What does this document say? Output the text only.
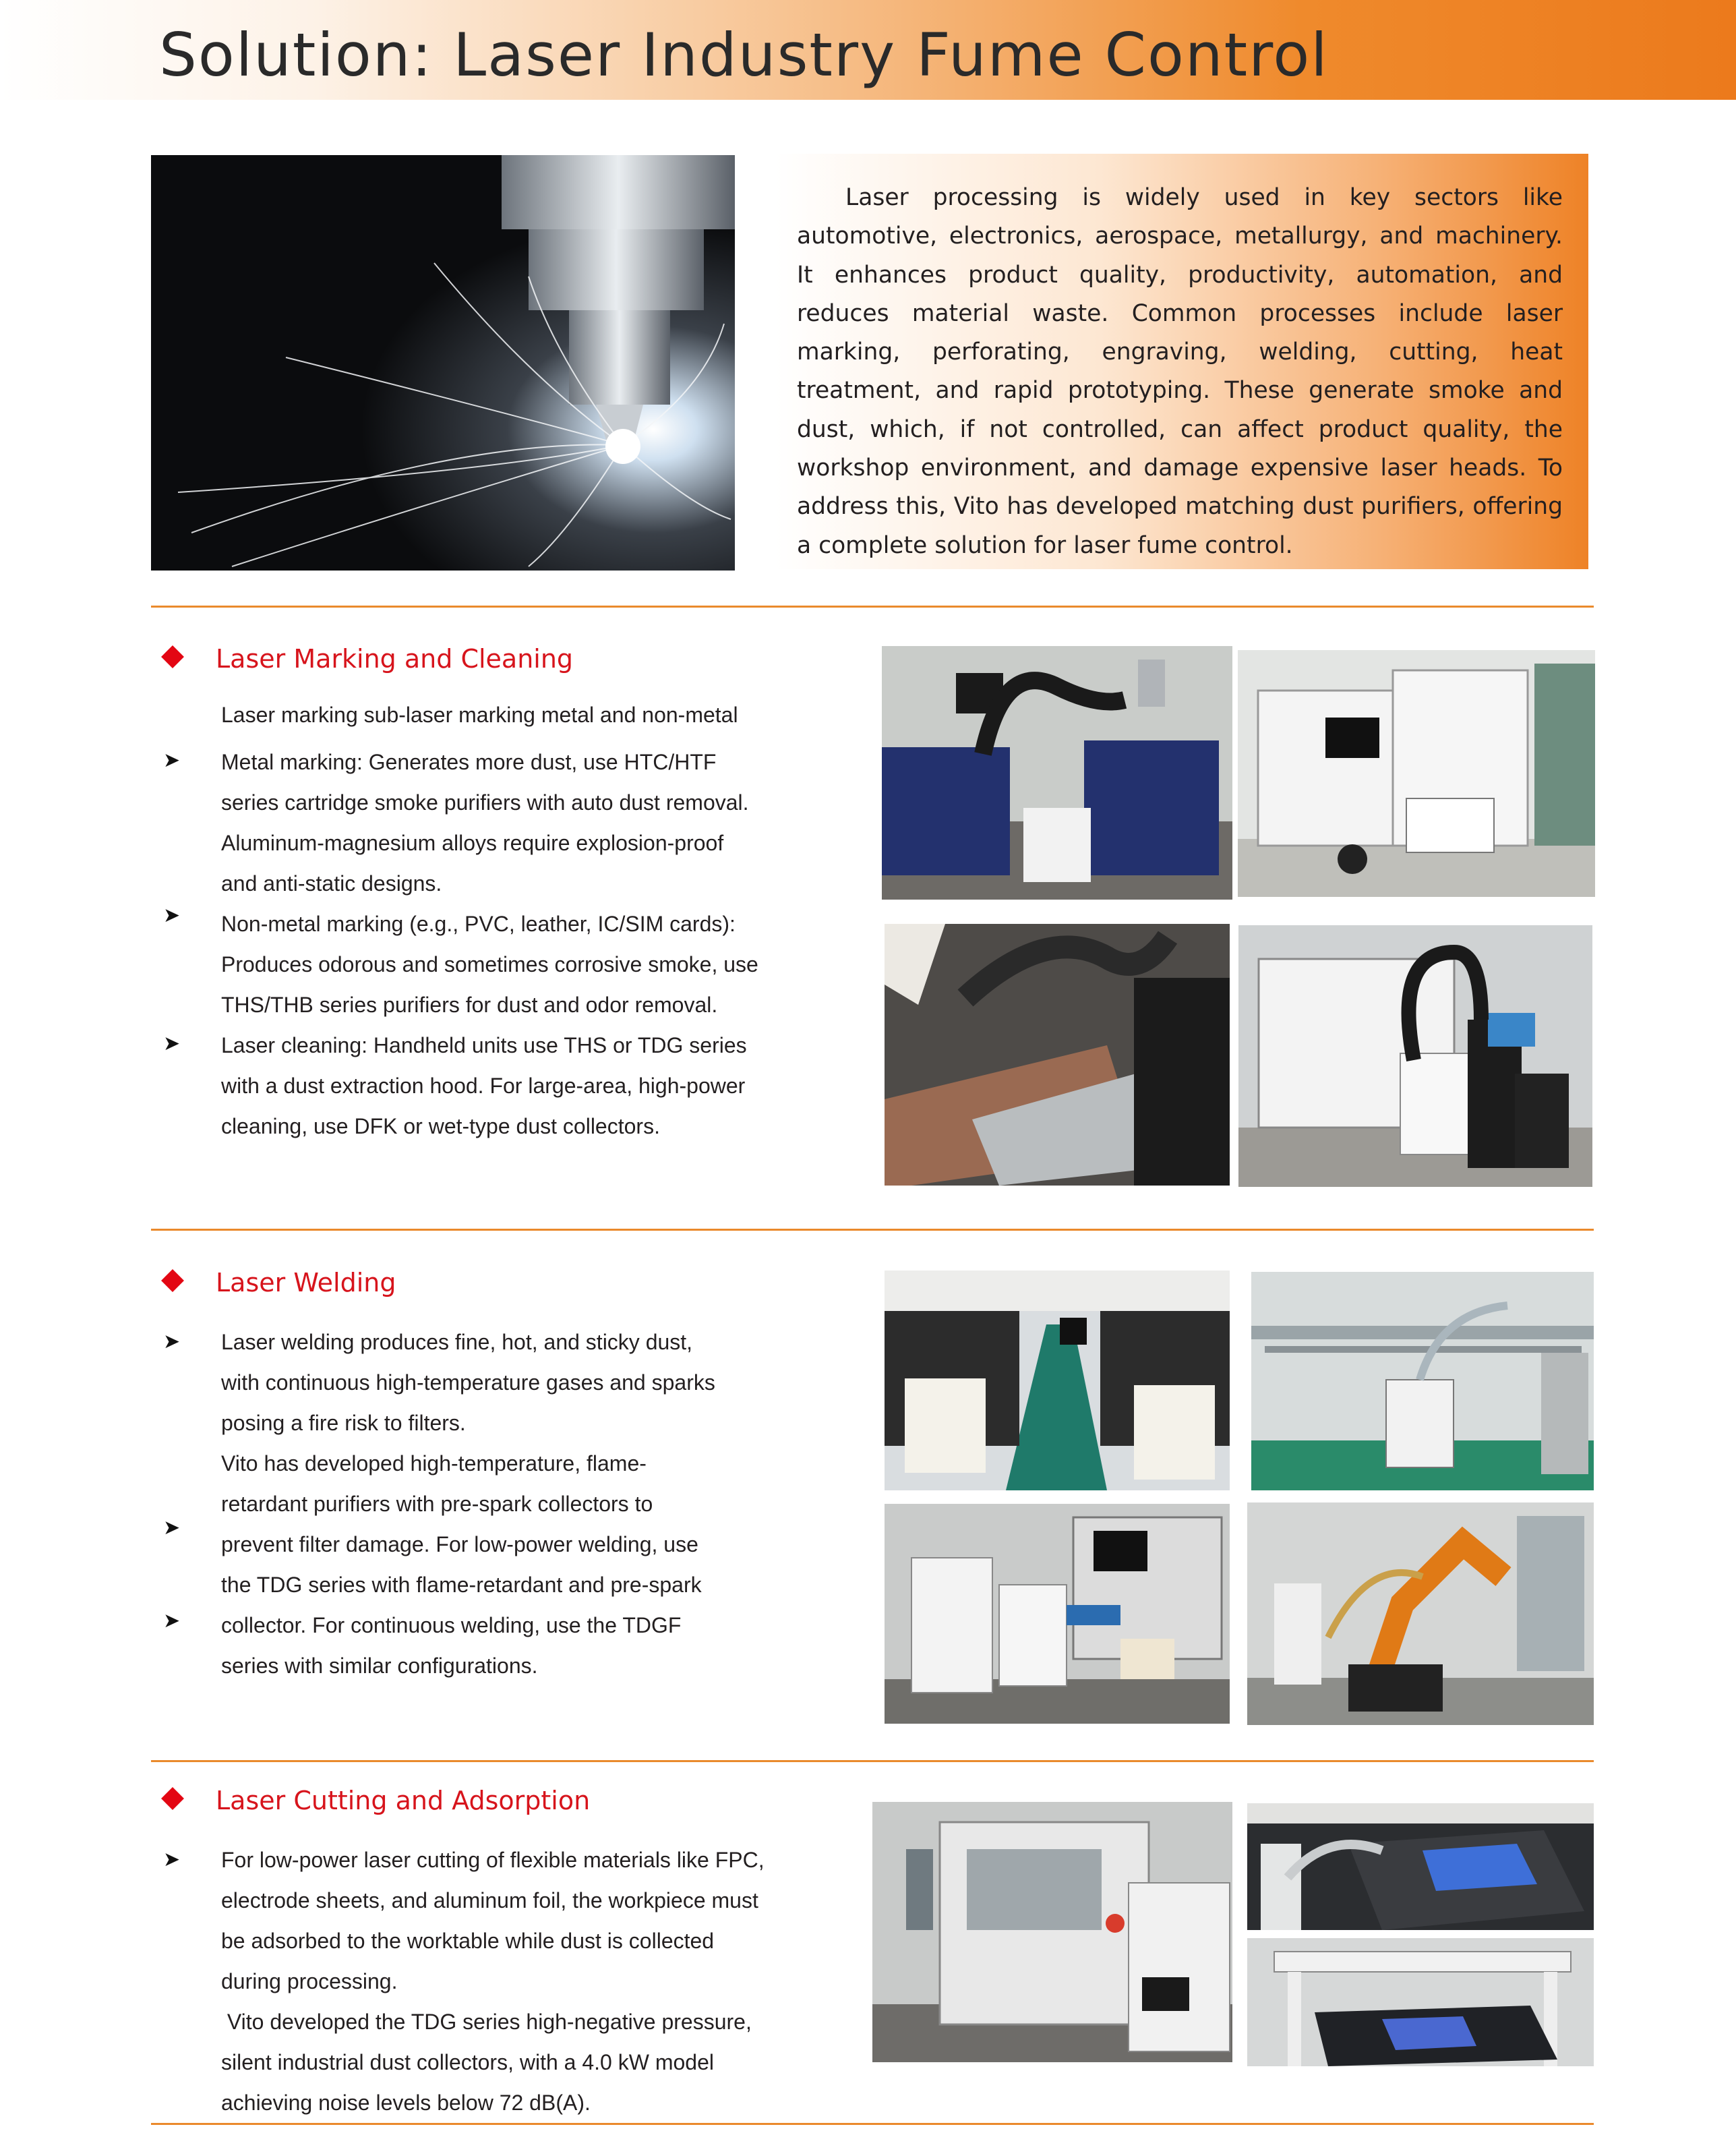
Solution: Laser Industry Fume Control
Laser processing is widely used in key sectors like automotive, electronics, aerospace, metallurgy, and machinery. It enhances product quality, productivity, automation, and reduces material waste. Common processes include laser marking, perforating, engraving, welding, cutting, heat treatment, and rapid prototyping. These generate smoke and dust, which, if not controlled, can affect product quality, the workshop environment, and damage expensive laser heads. To address this, Vito has developed matching dust purifiers, offering a complete solution for laser fume control.
Laser Marking and Cleaning
Laser marking sub-laser marking metal and non-metal
➤ Metal marking: Generates more dust, use HTC/HTF
series cartridge smoke purifiers with auto dust removal.
Aluminum-magnesium alloys require explosion-proof
and anti-static designs.
➤ Non-metal marking (e.g., PVC, leather, IC/SIM cards):
Produces odorous and sometimes corrosive smoke, use
THS/THB series purifiers for dust and odor removal.
➤ Laser cleaning: Handheld units use THS or TDG series
with a dust extraction hood. For large-area, high-power
cleaning, use DFK or wet-type dust collectors.
Laser Welding
➤ Laser welding produces fine, hot, and sticky dust,
with continuous high-temperature gases and sparks
posing a fire risk to filters.
Vito has developed high-temperature, flame-
retardant purifiers with pre-spark collectors to
➤
prevent filter damage. For low-power welding, use
the TDG series with flame-retardant and pre-spark
➤ collector. For continuous welding, use the TDGF
series with similar configurations.
Laser Cutting and Adsorption
➤ For low-power laser cutting of flexible materials like FPC,
electrode sheets, and aluminum foil, the workpiece must
be adsorbed to the worktable while dust is collected
during processing.
Vito developed the TDG series high-negative pressure,
silent industrial dust collectors, with a 4.0 kW model
achieving noise levels below 72 dB(A).
